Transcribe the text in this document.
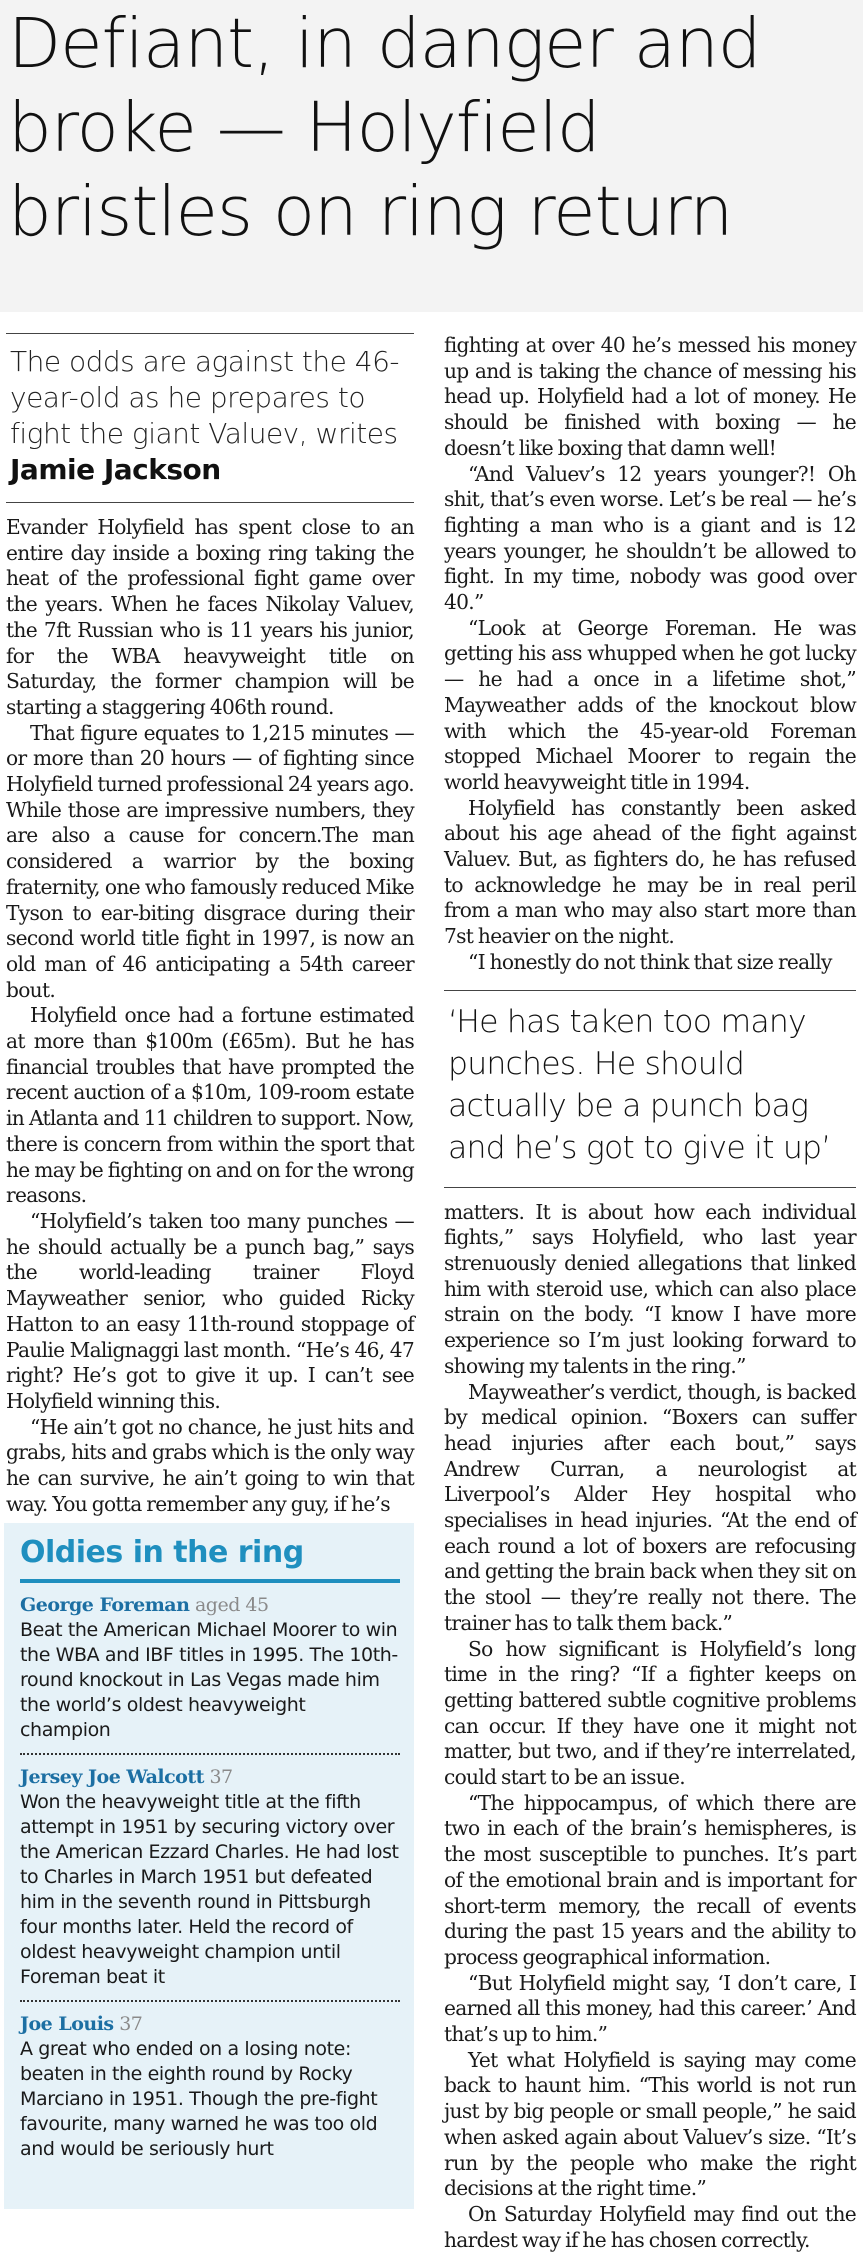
Defiant, in danger and broke — Holyfield bristles on ring return
The odds are against the 46-year-old as he prepares to fight the giant Valuev, writes Jamie Jackson

Evander Holyfield has spent close to an entire day inside a boxing ring taking the heat of the professional fight game over the years. When he faces Nikolay Valuev, the 7ft Russian who is 11 years his junior, for the WBA heavyweight title on Saturday, the former champion will be starting a staggering 406th round.

That figure equates to 1,215 minutes — or more than 20 hours — of fighting since Holyfield turned professional 24 years ago. While those are impressive numbers, they are also a cause for concern.The man considered a warrior by the boxing fraternity, one who famously reduced Mike Tyson to ear-biting disgrace during their second world title fight in 1997, is now an old man of 46 anticipating a 54th career bout.

Holyfield once had a fortune estimated at more than $100m (£65m). But he has financial troubles that have prompted the recent auction of a $10m, 109-room estate in Atlanta and 11 children to support. Now, there is concern from within the sport that he may be fighting on and on for the wrong reasons.

“Holyfield’s taken too many punches — he should actually be a punch bag,” says the world-leading trainer Floyd Mayweather senior, who guided Ricky Hatton to an easy 11th-round stoppage of Paulie Malignaggi last month. “He’s 46, 47 right? He’s got to give it up. I can’t see Holyfield winning this.

“He ain’t got no chance, he just hits and grabs, hits and grabs which is the only way he can survive, he ain’t going to win that way. You gotta remember any guy, if he’s

Oldies in the ring
George Foreman aged 45
Beat the American Michael Moorer to win the WBA and IBF titles in 1995. The 10th-round knockout in Las Vegas made him the world’s oldest heavyweight champion
Jersey Joe Walcott 37
Won the heavyweight title at the fifth attempt in 1951 by securing victory over the American Ezzard Charles. He had lost to Charles in March 1951 but defeated him in the seventh round in Pittsburgh four months later. Held the record of oldest heavyweight champion until Foreman beat it
Joe Louis 37
A great who ended on a losing note: beaten in the eighth round by Rocky Marciano in 1951. Though the pre-fight favourite, many warned he was too old and would be seriously hurt

fighting at over 40 he’s messed his money up and is taking the chance of messing his head up. Holyfield had a lot of money. He should be finished with boxing — he doesn’t like boxing that damn well!

“And Valuev’s 12 years younger?! Oh shit, that’s even worse. Let’s be real — he’s fighting a man who is a giant and is 12 years younger, he shouldn’t be allowed to fight. In my time, nobody was good over 40.”

“Look at George Foreman. He was getting his ass whupped when he got lucky — he had a once in a lifetime shot,” Mayweather adds of the knockout blow with which the 45-year-old Foreman stopped Michael Moorer to regain the world heavyweight title in 1994.

Holyfield has constantly been asked about his age ahead of the fight against Valuev. But, as fighters do, he has refused to acknowledge he may be in real peril from a man who may also start more than 7st heavier on the night.

“I honestly do not think that size really

‘He has taken too many punches. He should actually be a punch bag and he’s got to give it up’

matters. It is about how each individual fights,” says Holyfield, who last year strenuously denied allegations that linked him with steroid use, which can also place strain on the body. “I know I have more experience so I’m just looking forward to showing my talents in the ring.”

Mayweather’s verdict, though, is backed by medical opinion. “Boxers can suffer head injuries after each bout,” says Andrew Curran, a neurologist at Liverpool’s Alder Hey hospital who specialises in head injuries. “At the end of each round a lot of boxers are refocusing and getting the brain back when they sit on the stool — they’re really not there. The trainer has to talk them back.”

So how significant is Holyfield’s long time in the ring? “If a fighter keeps on getting battered subtle cognitive problems can occur. If they have one it might not matter, but two, and if they’re interrelated, could start to be an issue.

“The hippocampus, of which there are two in each of the brain’s hemispheres, is the most susceptible to punches. It’s part of the emotional brain and is important for short-term memory, the recall of events during the past 15 years and the ability to process geographical information.

“But Holyfield might say, ‘I don’t care, I earned all this money, had this career.’ And that’s up to him.”

Yet what Holyfield is saying may come back to haunt him. “This world is not run just by big people or small people,” he said when asked again about Valuev’s size. “It’s run by the people who make the right decisions at the right time.”

On Saturday Holyfield may find out the hardest way if he has chosen correctly.
